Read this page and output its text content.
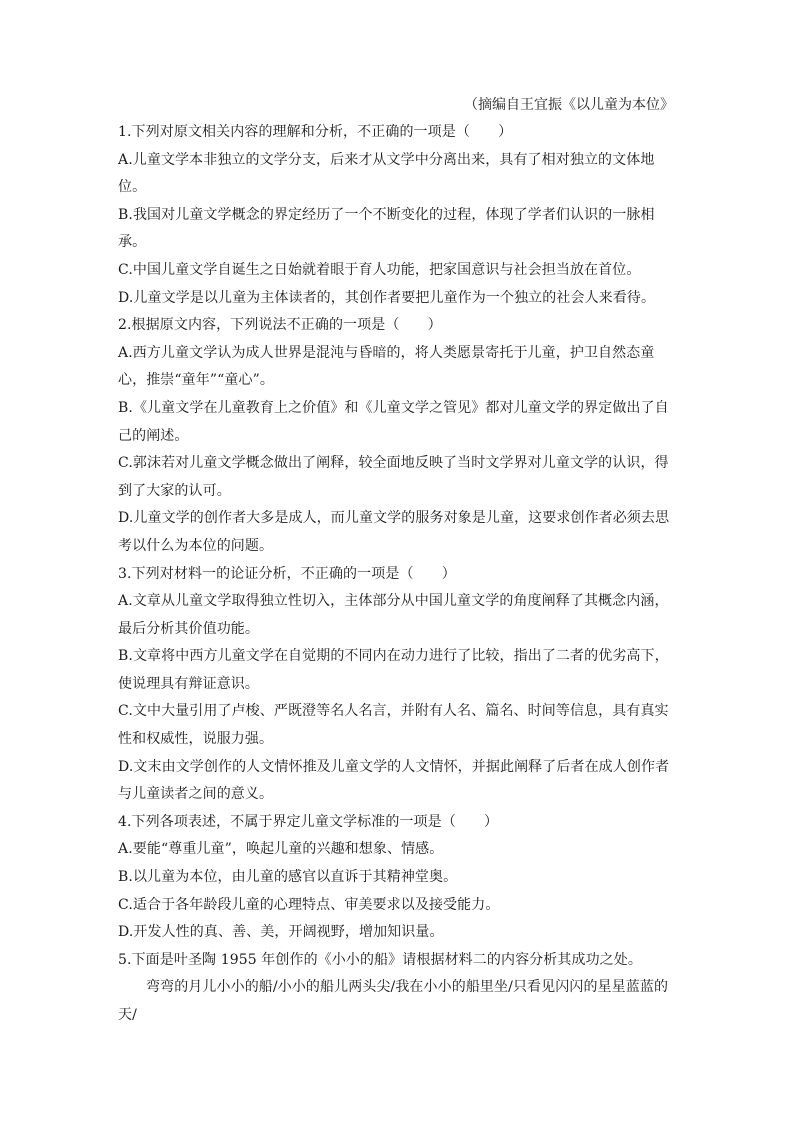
（摘编自王宜振《以儿童为本位》
1.下列对原文相关内容的理解和分析，不正确的一项是（　　）
A.儿童文学本非独立的文学分支，后来才从文学中分离出来，具有了相对独立的文体地
位。
B.我国对儿童文学概念的界定经历了一个不断变化的过程，体现了学者们认识的一脉相
承。
C.中国儿童文学自诞生之日始就着眼于育人功能，把家国意识与社会担当放在首位。
D.儿童文学是以儿童为主体读者的，其创作者要把儿童作为一个独立的社会人来看待。
2.根据原文内容，下列说法不正确的一项是（　　）
A.西方儿童文学认为成人世界是混沌与昏暗的，将人类愿景寄托于儿童，护卫自然态童
心，推崇“童年”“童心”。
B.《儿童文学在儿童教育上之价值》和《儿童文学之管见》都对儿童文学的界定做出了自
己的阐述。
C.郭沫若对儿童文学概念做出了阐释，较全面地反映了当时文学界对儿童文学的认识，得
到了大家的认可。
D.儿童文学的创作者大多是成人，而儿童文学的服务对象是儿童，这要求创作者必须去思
考以什么为本位的问题。
3.下列对材料一的论证分析，不正确的一项是（　　）
A.文章从儿童文学取得独立性切入，主体部分从中国儿童文学的角度阐释了其概念内涵，
最后分析其价值功能。
B.文章将中西方儿童文学在自觉期的不同内在动力进行了比较，指出了二者的优劣高下，
使说理具有辩证意识。
C.文中大量引用了卢梭、严既澄等名人名言，并附有人名、篇名、时间等信息，具有真实
性和权威性，说服力强。
D.文末由文学创作的人文情怀推及儿童文学的人文情怀，并据此阐释了后者在成人创作者
与儿童读者之间的意义。
4.下列各项表述，不属于界定儿童文学标准的一项是（　　）
A.要能“尊重儿童”，唤起儿童的兴趣和想象、情感。
B.以儿童为本位，由儿童的感官以直诉于其精神堂奥。
C.适合于各年龄段儿童的心理特点、审美要求以及接受能力。
D.开发人性的真、善、美，开阔视野，增加知识量。
5.下面是叶圣陶 1955 年创作的《小小的船》请根据材料二的内容分析其成功之处。
弯弯的月儿小小的船/小小的船儿两头尖/我在小小的船里坐/只看见闪闪的星星蓝蓝的
天/
